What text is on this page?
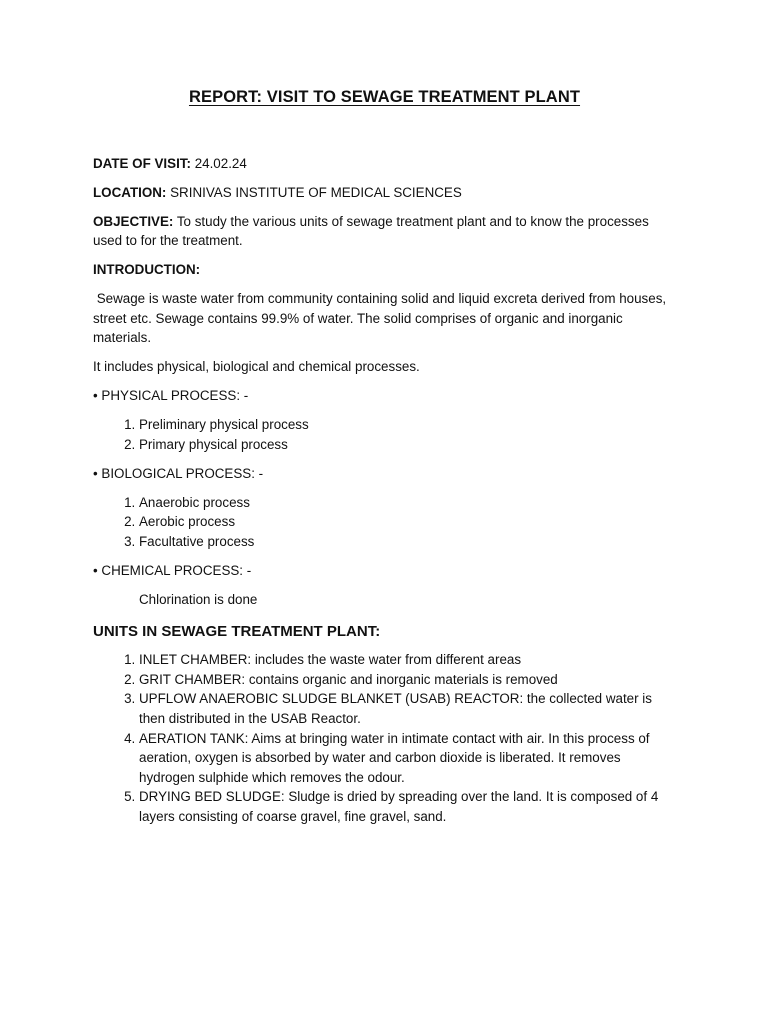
REPORT: VISIT TO SEWAGE TREATMENT PLANT

DATE OF VISIT: 24.02.24

LOCATION: SRINIVAS INSTITUTE OF MEDICAL SCIENCES

OBJECTIVE: To study the various units of sewage treatment plant and to know the processes used to for the treatment.

INTRODUCTION:

Sewage is waste water from community containing solid and liquid excreta derived from houses, street etc. Sewage contains 99.9% of water. The solid comprises of organic and inorganic materials.

It includes physical, biological and chemical processes.

• PHYSICAL PROCESS: -

1. Preliminary physical process
2. Primary physical process

• BIOLOGICAL PROCESS: -

1. Anaerobic process
2. Aerobic process
3. Facultative process

• CHEMICAL PROCESS: -

Chlorination is done

UNITS IN SEWAGE TREATMENT PLANT:
1. INLET CHAMBER: includes the waste water from different areas
2. GRIT CHAMBER: contains organic and inorganic materials is removed
3. UPFLOW ANAEROBIC SLUDGE BLANKET (USAB) REACTOR: the collected water is then distributed in the USAB Reactor.
4. AERATION TANK: Aims at bringing water in intimate contact with air. In this process of aeration, oxygen is absorbed by water and carbon dioxide is liberated. It removes hydrogen sulphide which removes the odour.
5. DRYING BED SLUDGE: Sludge is dried by spreading over the land. It is composed of 4 layers consisting of coarse gravel, fine gravel, sand.
